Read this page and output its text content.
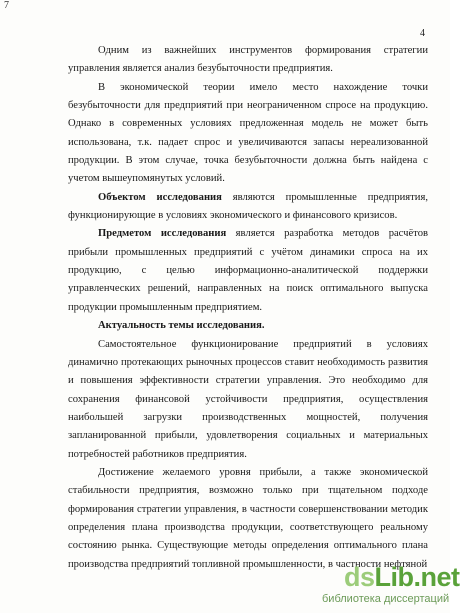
7
4

Одним из важнейших инструментов формирования стратегии управления является анализ безубыточности предприятия.

В экономической теории имело место нахождение точки безубыточности для предприятий при неограниченном спросе на продукцию. Однако в современных условиях предложенная модель не может быть использована, т.к. падает спрос и увеличиваются запасы нереализованной продукции. В этом случае, точка безубыточности должна быть найдена с учетом вышеупомянутых условий.

Объектом исследования являются промышленные предприятия, функционирующие в условиях экономического и финансового кризисов.

Предметом исследования является разработка методов расчётов прибыли промышленных предприятий с учётом динамики спроса на их продукцию, с целью информационно-аналитической поддержки управленческих решений, направленных на поиск оптимального выпуска продукции промышленным предприятием.

Актуальность темы исследования.

Самостоятельное функционирование предприятий в условиях динамично протекающих рыночных процессов ставит необходимость развития и повышения эффективности стратегии управления. Это необходимо для сохранения финансовой устойчивости предприятия, осуществления наибольшей загрузки производственных мощностей, получения запланированной прибыли, удовлетворения социальных и материальных потребностей работников предприятия.

Достижение желаемого уровня прибыли, а также экономической стабильности предприятия, возможно только при тщательном подходе формирования стратегии управления, в частности совершенствовании методик определения плана производства продукции, соответствующего реальному состоянию рынка. Существующие методы определения оптимального плана производства предприятий топливной промышленности, в частности нефтяной

dsLib.net
библиотека диссертаций
